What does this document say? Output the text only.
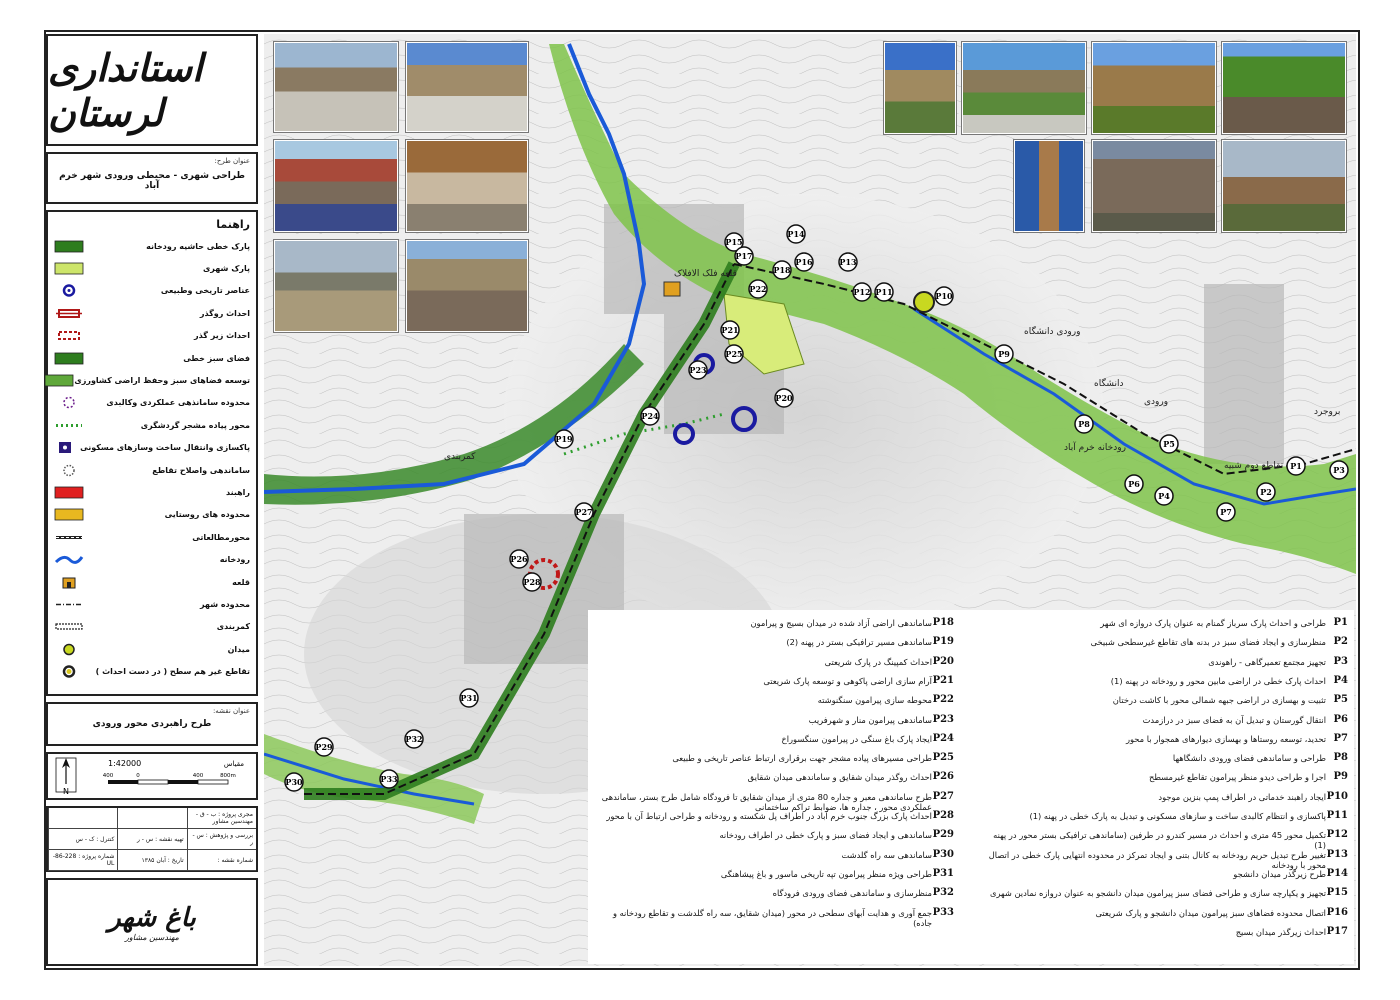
استانداری لرستان
عنوان طرح:
طراحی شهری - محیطی ورودی شهر خرم آباد
راهنما
پارک خطی حاشیه رودخانه
پارک شهری
عناصر تاریخی وطبیعی
احداث روگذر
احداث زیر گذر
فضای سبز خطی
توسعه فضاهای سبز وحفظ اراضی کشاورزی
محدوده سامانذهی عملکردی وکالبدی
محور پیاده مشجر گردشگری
پاکسازی وانتقال ساخت وسازهای مسکونی
ساماندهی واصلاح تقاطع
راهبند
محدوده های روستایی
محورمطالعاتی
رودخانه
قلعه
محدوده شهر
کمربندی
میدان
تقاطع غیر هم سطح ( در دست احداث )
عنوان نقشه:
طرح راهبردی محور ورودی
N
1:42000	مقیاس
400	0	400	800m
مجری پروژه : ب - ق - مهندسین مشاور
بررسی و پژوهش : س - ر
تهیه نقشه : س - ر
کنترل : ک - س
شماره نقشه :
تاریخ : آبان ۱۳۸۵
شماره پروژه : 228-86-UL
باغ شهر
مهندسین مشاور
P1
P2
P3
P4
P5
P6
P7
P8
P9
P10
P11
P12
P13
P14
P15
P16
P17
P18
P19
P20
P21
P22
P23
P24
P25
P26
P27
P28
P29
P30
P31
P32
P33
ورودی دانشگاه
دانشگاه
ورودی
تقاطع دوم شبیه
رودخانه خرم آباد
کمربندی
قلعه فلک الافلاک
بروجرد
P1
طراحی و احداث پارک سرباز گمنام به عنوان پارک دروازه ای شهر
P2
منظرسازی و ایجاد فضای سبز در بدنه های تقاطع غیرسطحی شبیخی
P3
تجهیز مجتمع تعمیرگاهی - راهوندی
P4
احداث پارک خطی در اراضی مابین محور و رودخانه در پهنه (1)
P5
تثبیت و بهسازی در اراضی جبهه شمالی محور با کاشت درختان
P6
انتقال گورستان و تبدیل آن به فضای سبز در درازمدت
P7
تحدید، توسعه روستاها و بهسازی دیوارهای همجوار با محور
P8
طراحی و ساماندهی فضای ورودی دانشگاهها
P9
اجرا و طراحی دیدو منظر پیرامون تقاطع غیرمسطح
P10
ایجاد راهبند خدماتی در اطراف پمپ بنزین موجود
P11
پاکسازی و انتظام کالبدی ساخت و سازهای مسکونی و تبدیل به پارک خطی در پهنه (1)
P12
تکمیل محور 45 متری و احداث در مسیر کندرو در طرفین (ساماندهی ترافیکی بستر محور در پهنه (1)
P13
تغییر طرح تبدیل حریم رودخانه به کانال بتنی و ایجاد تمرکز در محدوده انتهایی پارک خطی در اتصال محور با رودخانه
P14
طرح زیرگذر میدان دانشجو
P15
تجهیز و یکپارچه سازی و طراحی فضای سبز پیرامون میدان دانشجو به عنوان دروازه نمادین شهری
P16
اتصال محدوده فضاهای سبز پیرامون میدان دانشجو و پارک شریعتی
P17
احداث زیرگذر میدان بسیج
P18
ساماندهی اراضی آزاد شده در میدان بسیج و پیرامون
P19
ساماندهی مسیر ترافیکی بستر در پهنه (2)
P20
احداث کمپینگ در پارک شریعتی
P21
آرام سازی اراضی پاکوهی و توسعه پارک شریعتی
P22
محوطه سازی پیرامون سنگنوشته
P23
ساماندهی پیرامون منار و شهرفریب
P24
ایجاد پارک باغ سنگی در پیرامون سنگسوراخ
P25
طراحی مسیرهای پیاده مشجر جهت برقراری ارتباط عناصر تاریخی و طبیعی
P26
احداث روگذر میدان شقایق و ساماندهی میدان شقایق
P27
طرح ساماندهی معبر و جداره 80 متری از میدان شقایق تا فرودگاه شامل طرح بستر، ساماندهی عملکردی محور ، جداره ها، ضوابط تراکم ساختمانی
P28
احداث پارک بزرگ جنوب خرم آباد در اطراف پل شکسته و رودخانه و طراحی ارتباط آن با محور
P29
ساماندهی و ایجاد فضای سبز و پارک خطی در اطراف رودخانه
P30
ساماندهی سه راه گلدشت
P31
طراحی ویژه منظر پیرامون تپه تاریخی ماسور و باغ پیشاهنگی
P32
منظرسازی و ساماندهی فضای ورودی فرودگاه
P33
جمع آوری و هدایت آبهای سطحی در محور (میدان شقایق، سه راه گلدشت و تقاطع رودخانه و جاده)
